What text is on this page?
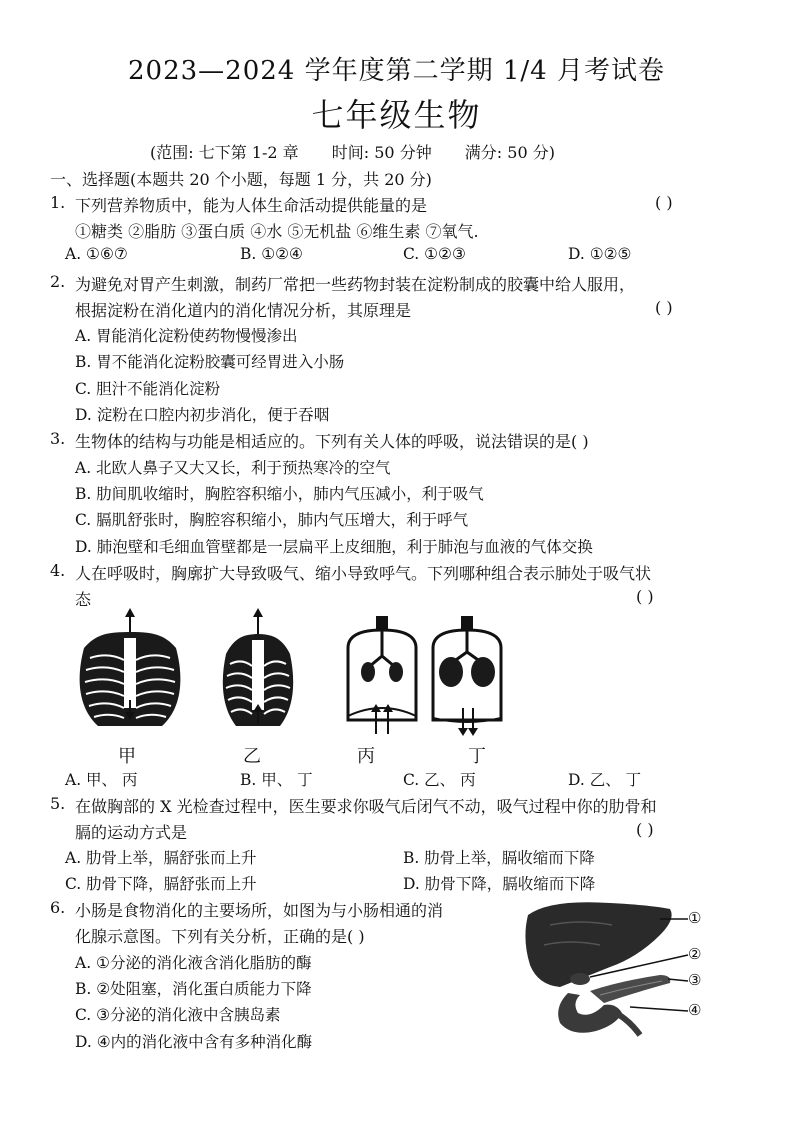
2023—2024 学年度第二学期 1/4 月考试卷
七年级生物
(范围: 七下第 1-2 章 时间: 50 分钟 满分: 50 分)
一、选择题(本题共 20 个小题，每题 1 分，共 20 分)
1. 下列营养物质中，能为人体生命活动提供能量的是	( )
①糖类 ②脂肪 ③蛋白质 ④水 ⑤无机盐 ⑥维生素 ⑦氧气.
A. ①⑥⑦	B. ①②④	C. ①②③	D. ①②⑤
2. 为避免对胃产生刺激，制药厂常把一些药物封装在淀粉制成的胶囊中给人服用，
根据淀粉在消化道内的消化情况分析，其原理是	( )
A. 胃能消化淀粉使药物慢慢渗出
B. 胃不能消化淀粉胶囊可经胃进入小肠
C. 胆汁不能消化淀粉
D. 淀粉在口腔内初步消化，便于吞咽
3. 生物体的结构与功能是相适应的。下列有关人体的呼吸，说法错误的是( )
A. 北欧人鼻子又大又长，利于预热寒冷的空气
B. 肋间肌收缩时，胸腔容积缩小，肺内气压减小，利于吸气
C. 膈肌舒张时，胸腔容积缩小，肺内气压增大，利于呼气
D. 肺泡壁和毛细血管壁都是一层扁平上皮细胞，利于肺泡与血液的气体交换
4. 人在呼吸时，胸廓扩大导致吸气、缩小导致呼气。下列哪种组合表示肺处于吸气状
态	( )
甲	乙	丙	丁
A. 甲、 丙	B. 甲、 丁	C. 乙、 丙	D. 乙、 丁
5. 在做胸部的 X 光检查过程中，医生要求你吸气后闭气不动，吸气过程中你的肋骨和
膈的运动方式是	( )
A. 肋骨上举，膈舒张而上升	B. 肋骨上举，膈收缩而下降
C. 肋骨下降，膈舒张而上升	D. 肋骨下降，膈收缩而下降
6. 小肠是食物消化的主要场所，如图为与小肠相通的消
化腺示意图。下列有关分析，正确的是( )
A. ①分泌的消化液含消化脂肪的酶
B. ②处阻塞，消化蛋白质能力下降
C. ③分泌的消化液中含胰岛素
D. ④内的消化液中含有多种消化酶
①
②
③
④
